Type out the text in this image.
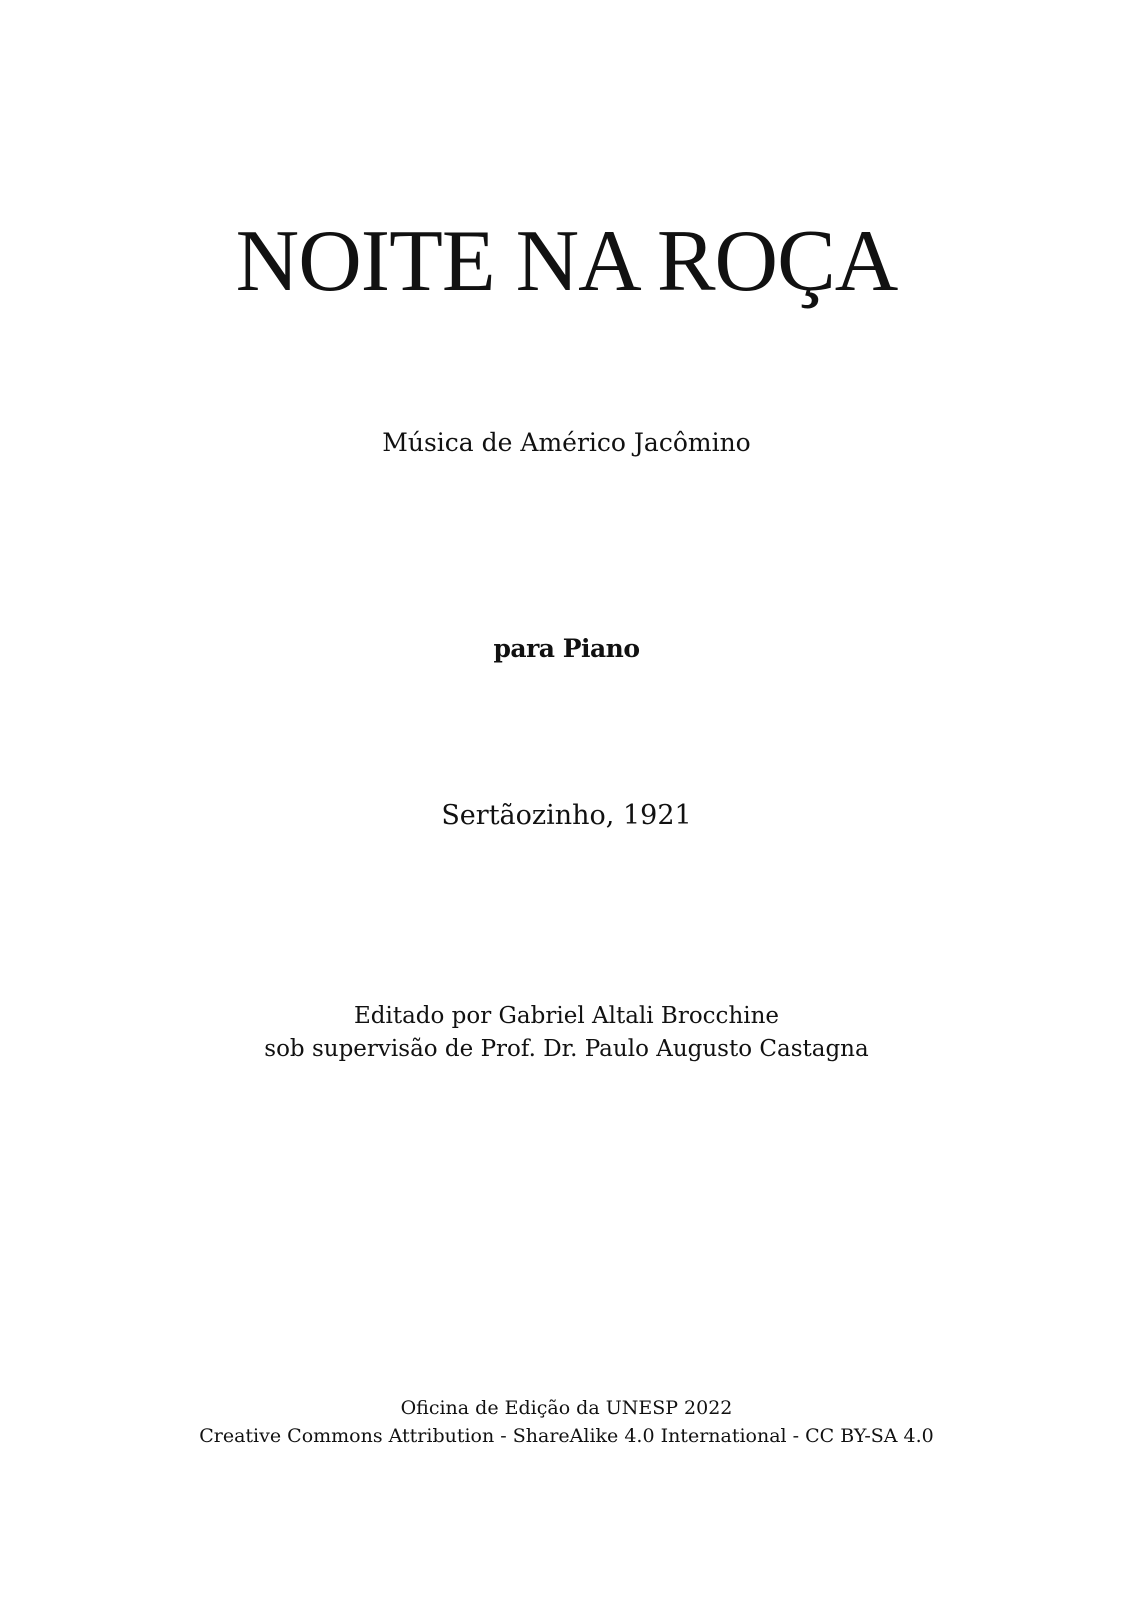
NOITE NA ROÇA

Música de Américo Jacômino

para Piano

Sertãozinho, 1921

Editado por Gabriel Altali Brocchine

sob supervisão de Prof. Dr. Paulo Augusto Castagna

Oficina de Edição da UNESP 2022

Creative Commons Attribution - ShareAlike 4.0 International - CC BY-SA 4.0
